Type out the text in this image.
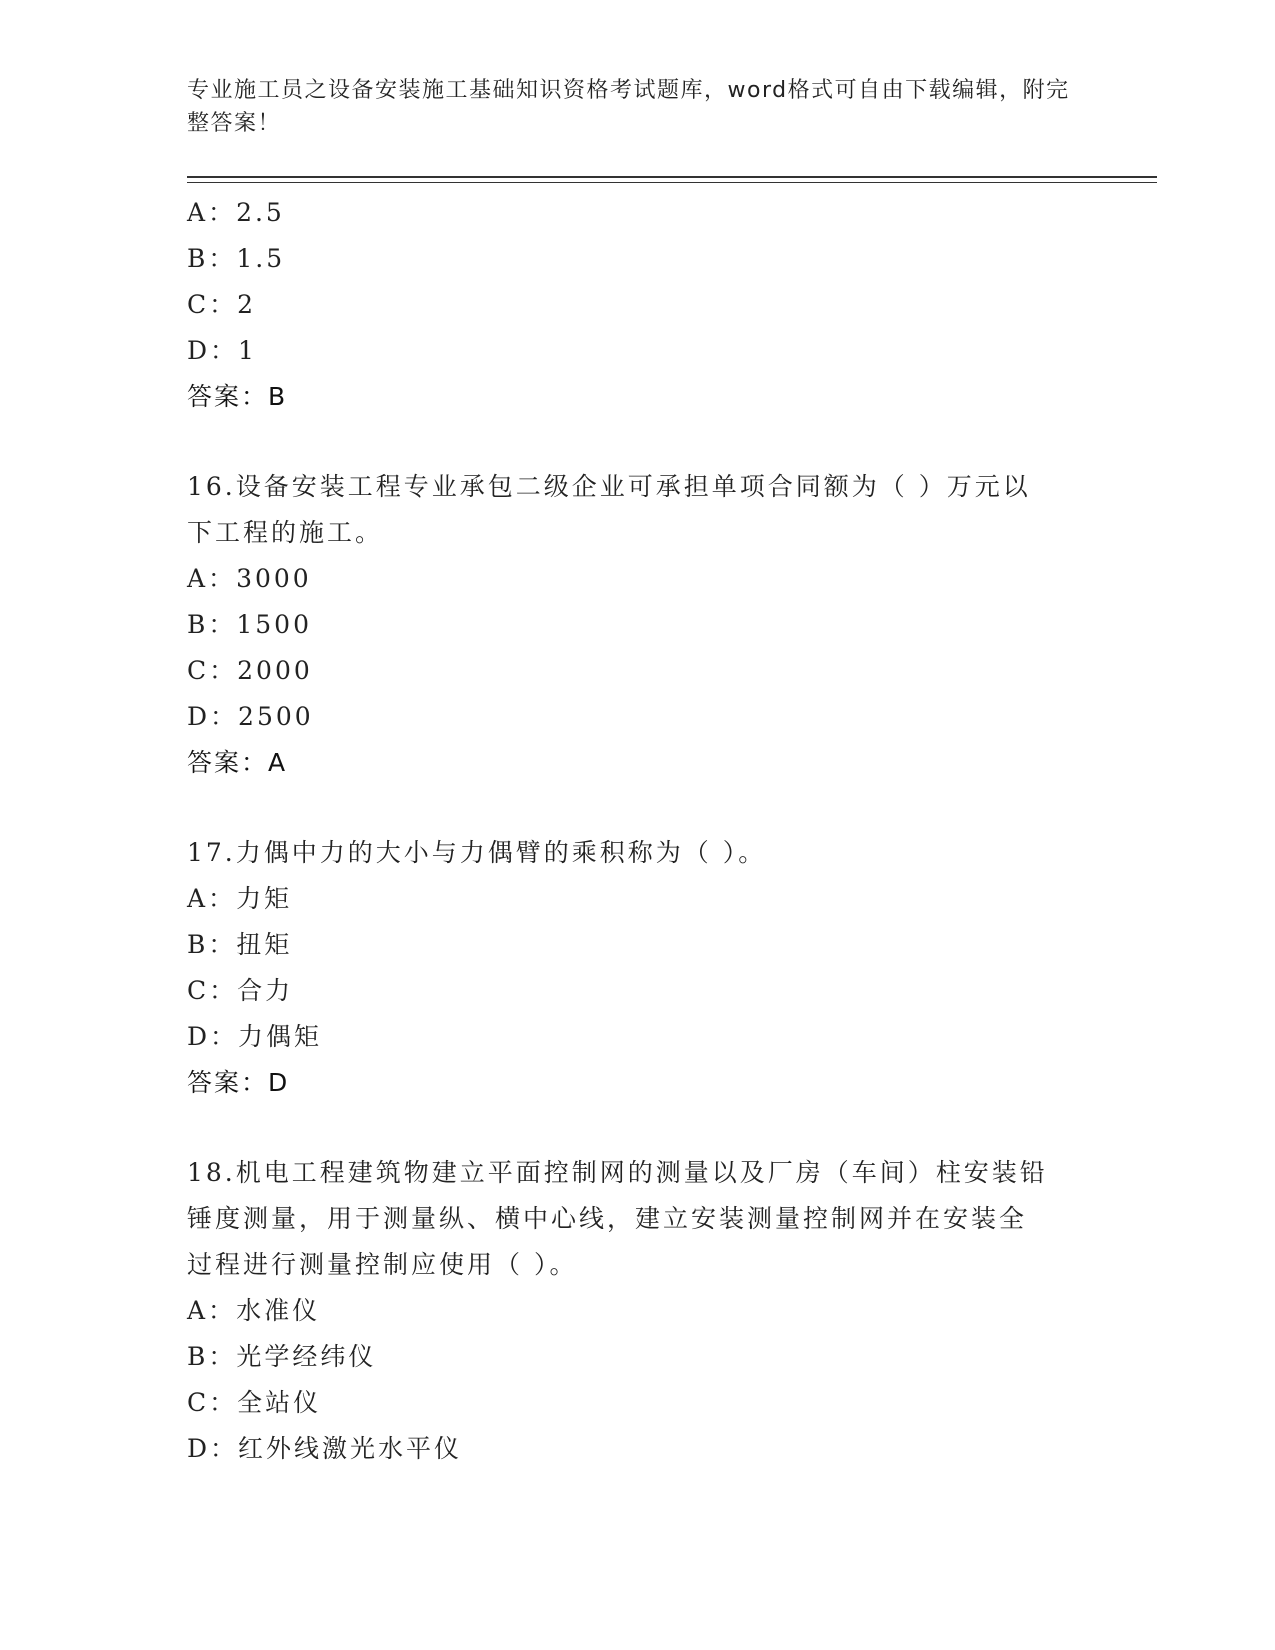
专业施工员之设备安装施工基础知识资格考试题库，word格式可自由下载编辑，附完整答案！
A：2.5
B：1.5
C：2
D：1
答案：B
16.设备安装工程专业承包二级企业可承担单项合同额为（ ）万元以
下工程的施工。
A：3000
B：1500
C：2000
D：2500
答案：A
17.力偶中力的大小与力偶臂的乘积称为（ ）。
A：力矩
B：扭矩
C：合力
D：力偶矩
答案：D
18.机电工程建筑物建立平面控制网的测量以及厂房（车间）柱安装铅
锤度测量，用于测量纵、横中心线，建立安装测量控制网并在安装全
过程进行测量控制应使用（ ）。
A：水准仪
B：光学经纬仪
C：全站仪
D：红外线激光水平仪
